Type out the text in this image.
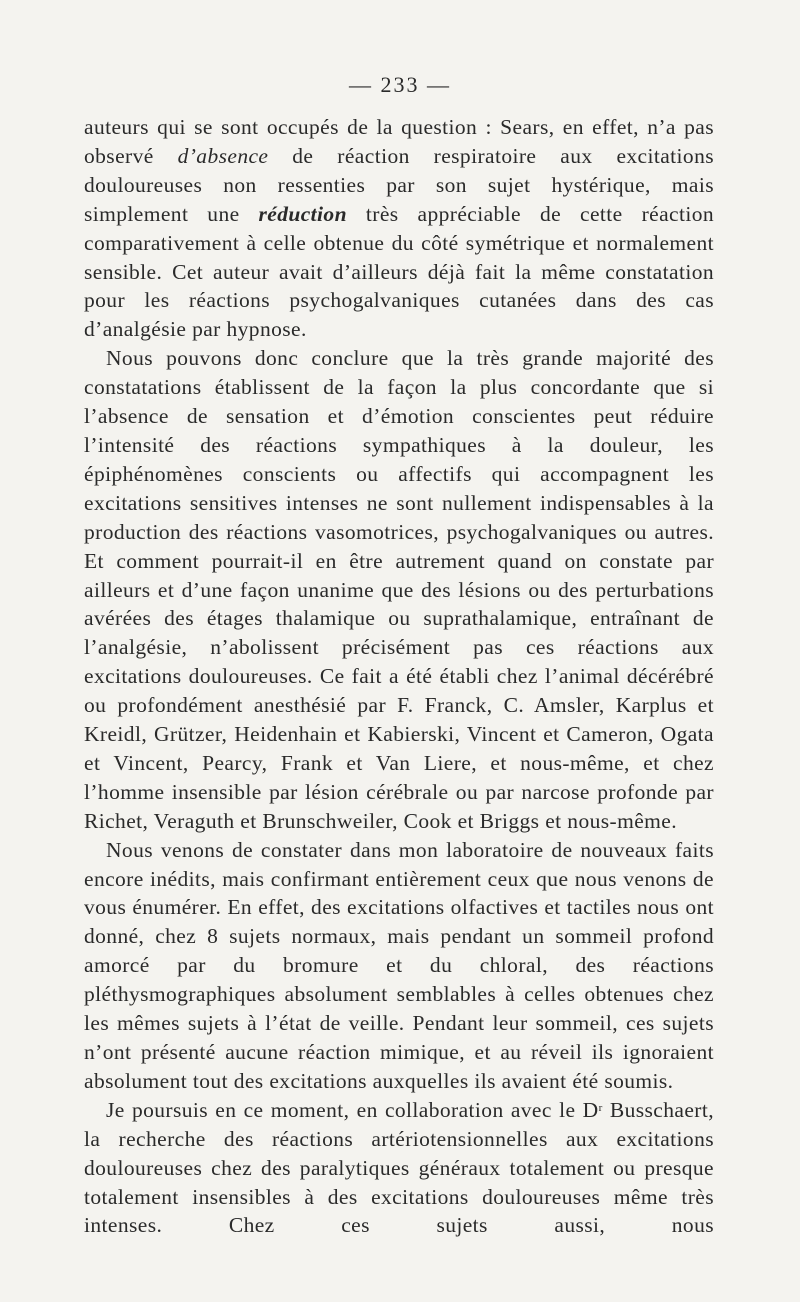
— 233 —

auteurs qui se sont occupés de la question : Sears, en effet, n’a pas observé d’absence de réaction respiratoire aux excitations douloureuses non ressenties par son sujet hystérique, mais simplement une réduction très appréciable de cette réaction comparativement à celle obtenue du côté symétrique et normalement sensible. Cet auteur avait d’ailleurs déjà fait la même constatation pour les réactions psychogalvaniques cutanées dans des cas d’analgésie par hypnose.

Nous pouvons donc conclure que la très grande majorité des constatations établissent de la façon la plus concordante que si l’absence de sensation et d’émotion conscientes peut réduire l’intensité des réactions sympathiques à la douleur, les épiphénomènes conscients ou affectifs qui accompagnent les excitations sensitives intenses ne sont nullement indispensables à la production des réactions vasomotrices, psychogalvaniques ou autres. Et comment pourrait-il en être autrement quand on constate par ailleurs et d’une façon unanime que des lésions ou des perturbations avérées des étages thalamique ou suprathalamique, entraînant de l’analgésie, n’abolissent précisément pas ces réactions aux excitations douloureuses. Ce fait a été établi chez l’animal décérébré ou profondément anesthésié par F. Franck, C. Amsler, Karplus et Kreidl, Grützer, Heidenhain et Kabierski, Vincent et Cameron, Ogata et Vincent, Pearcy, Frank et Van Liere, et nous-même, et chez l’homme insensible par lésion cérébrale ou par narcose profonde par Richet, Veraguth et Brunschweiler, Cook et Briggs et nous-même.

Nous venons de constater dans mon laboratoire de nouveaux faits encore inédits, mais confirmant entièrement ceux que nous venons de vous énumérer. En effet, des excitations olfactives et tactiles nous ont donné, chez 8 sujets normaux, mais pendant un sommeil profond amorcé par du bromure et du chloral, des réactions pléthysmographiques absolument semblables à celles obtenues chez les mêmes sujets à l’état de veille. Pendant leur sommeil, ces sujets n’ont présenté aucune réaction mimique, et au réveil ils ignoraient absolument tout des excitations auxquelles ils avaient été soumis.

Je poursuis en ce moment, en collaboration avec le $D^r$ Busschaert, la recherche des réactions artériotensionnelles aux excitations douloureuses chez des paralytiques généraux totalement ou presque totalement insensibles à des excitations douloureuses même très intenses. Chez ces sujets aussi, nous
